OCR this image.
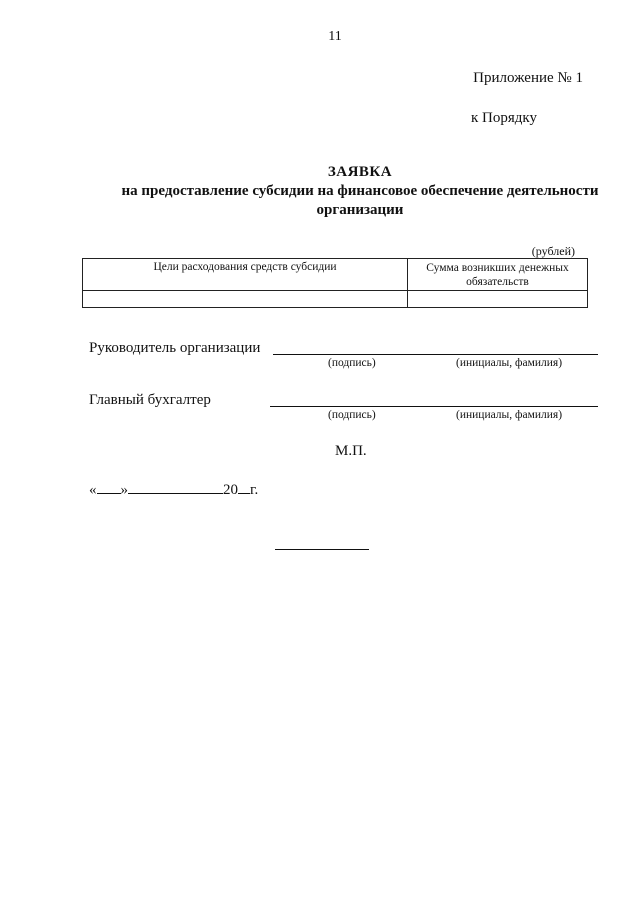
11
Приложение № 1
к Порядку
ЗАЯВКА
на предоставление субсидии на финансовое обеспечение деятельности
организации
(рублей)
Цели расходования средств субсидии	Сумма возникших денежных
обязательств

Руководитель организации
(подпись)	(инициалы, фамилия)
Главный бухгалтер
(подпись)	(инициалы, фамилия)
М.П.
« »	20 г.
